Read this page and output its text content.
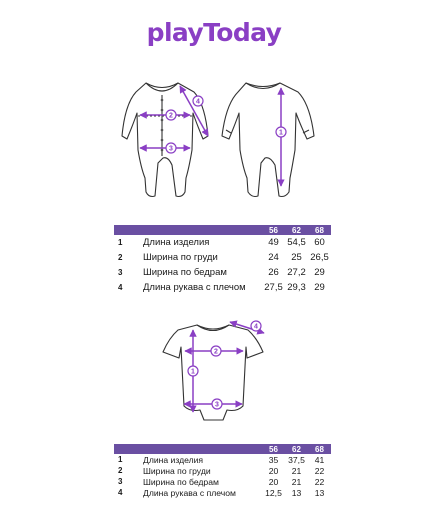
playToday
2
4
3
1
4
2
1
3
		56	62	68
1	Длина изделия	49	54,5	60
2	Ширина по груди	24	25	26,5
3	Ширина по бедрам	26	27,2	29
4	Длина рукава с плечом	27,5	29,3	29
		56	62	68
1	Длина изделия	35	37,5	41
2	Ширина по груди	20	21	22
3	Ширина по бедрам	20	21	22
4	Длина рукава с плечом	12,5	13	13
